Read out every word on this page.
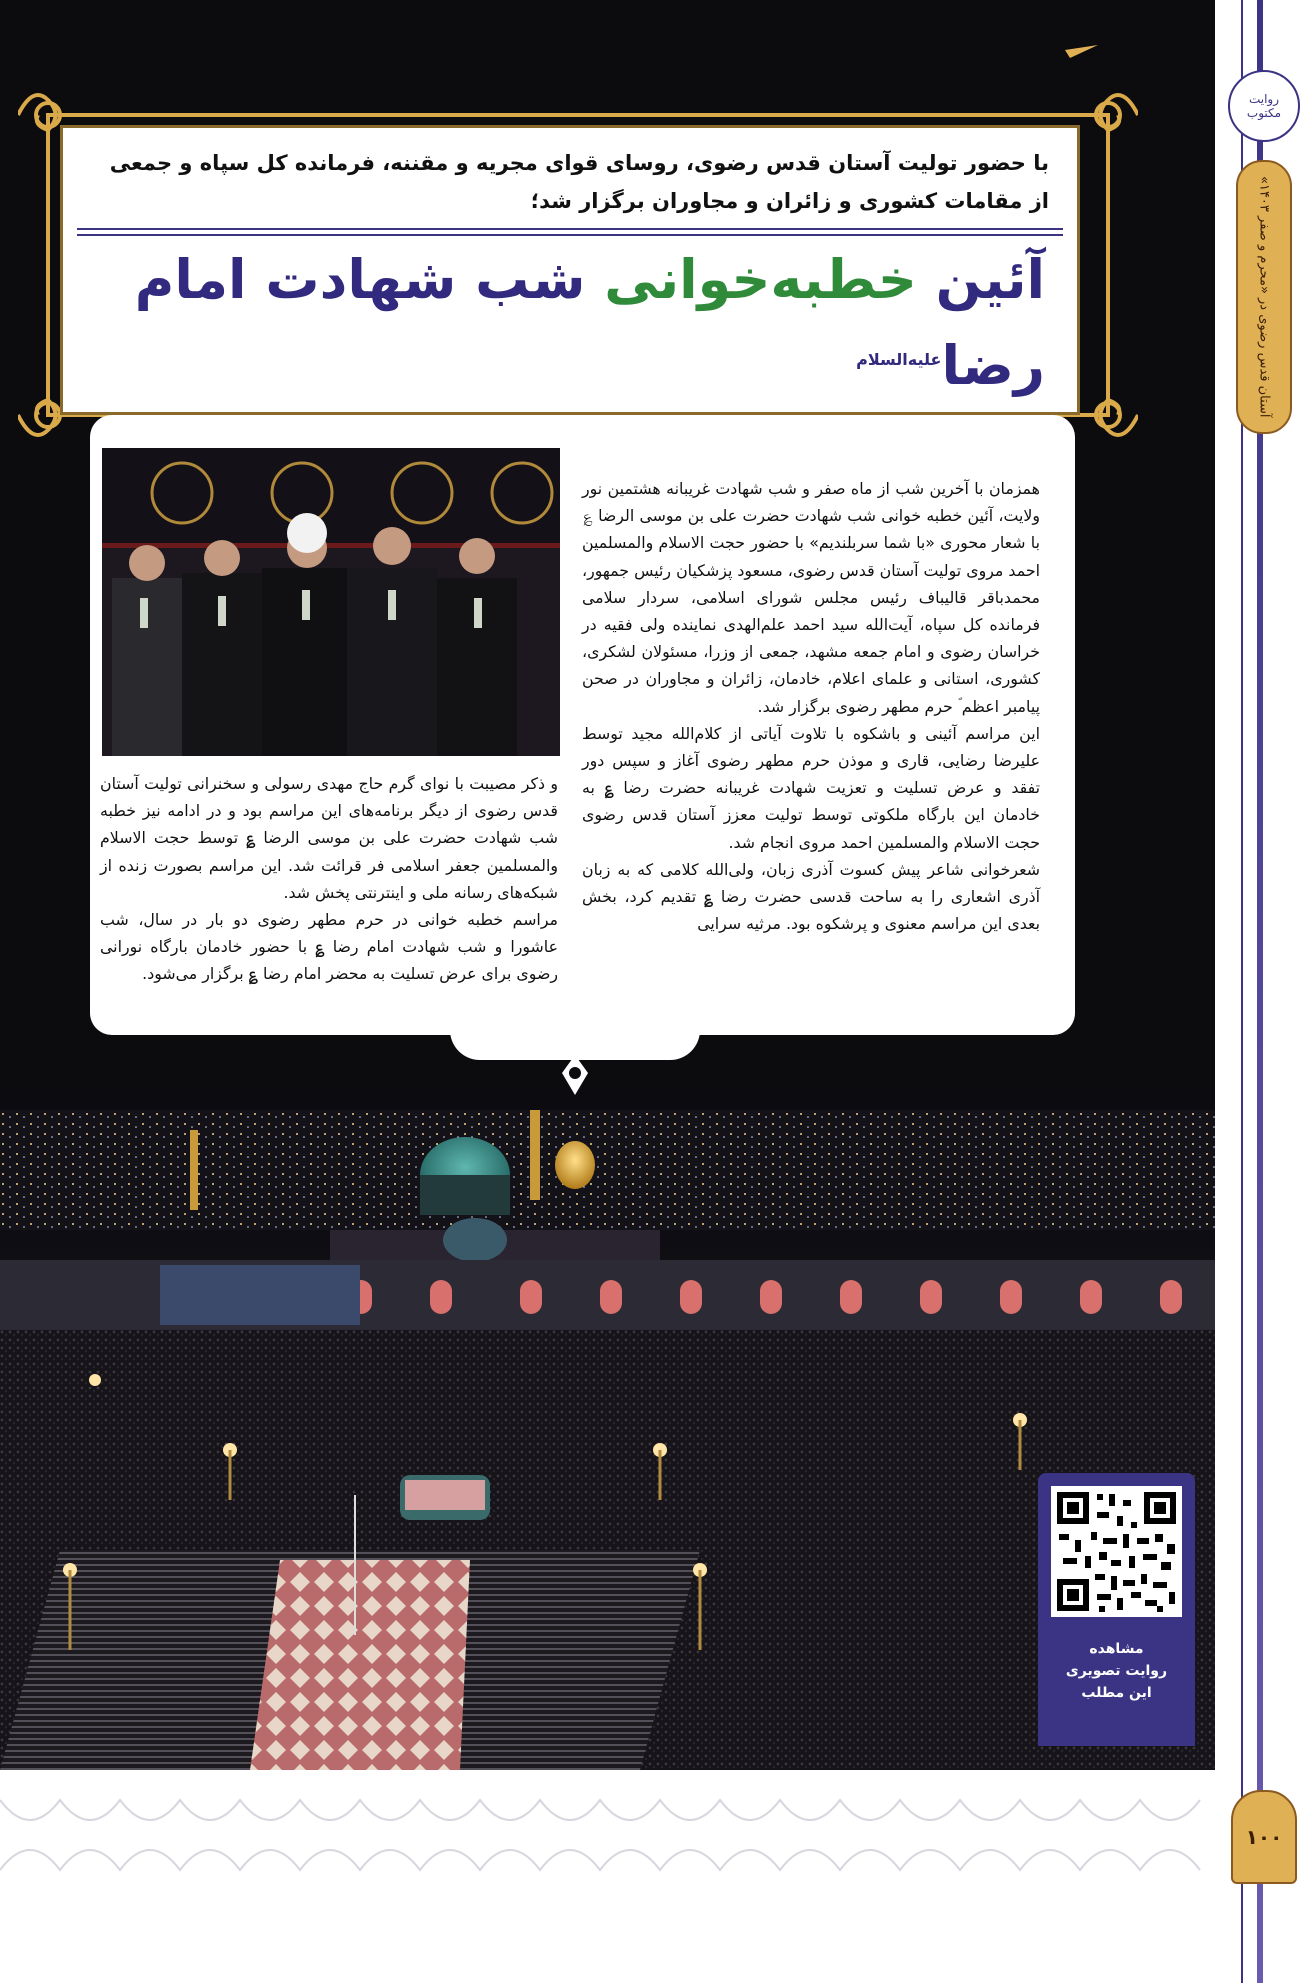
روایت مکتوب
آستان قدس رضوی در «محرم و صفر ۱۴۰۳»
۱۰۰

با حضور تولیت آستان قدس رضوی، روسای قوای مجریه و مقننه، فرمانده کل سپاه و جمعی از مقامات کشوری و زائران و مجاوران برگزار شد؛

آئین خطبه‌خوانی شب شهادت امام رضا$^{علیه‌السلام}$

همزمان با آخرین شب از ماه صفر و شب شهادت غریبانه هشتمین نور ولایت، آئین خطبه خوانی شب شهادت حضرت علی بن موسی الرضا ؏ با شعار محوری «با شما سربلندیم» با حضور حجت الاسلام والمسلمین احمد مروی تولیت آستان قدس رضوی، مسعود پزشکیان رئیس جمهور، محمدباقر قالیباف رئیس مجلس شورای اسلامی، سردار سلامی فرمانده کل سپاه، آیت‌الله سید احمد علم‌الهدی نماینده ولی فقیه در خراسان رضوی و امام جمعه مشهد، جمعی از وزرا، مسئولان لشکری، کشوری، استانی و علمای اعلام، خادمان، زائران و مجاوران در صحن پیامبر اعظم ؐ حرم مطهر رضوی برگزار شد.

این مراسم آئینی و باشکوه با تلاوت آیاتی از کلام‌الله مجید توسط علیرضا رضایی، قاری و موذن حرم مطهر رضوی آغاز و سپس دور تفقد و عرض تسلیت و تعزیت شهادت غریبانه حضرت رضا ؏ به خادمان این بارگاه ملکوتی توسط تولیت معزز آستان قدس رضوی حجت الاسلام والمسلمین احمد مروی انجام شد.

شعرخوانی شاعر پیش کسوت آذری زبان، ولی‌الله کلامی که به زبان آذری اشعاری را به ساحت قدسی حضرت رضا ؏ تقدیم کرد، بخش بعدی این مراسم معنوی و پرشکوه بود. مرثیه سرایی

و ذکر مصیبت با نوای گرم حاج مهدی رسولی و سخنرانی تولیت آستان قدس رضوی از دیگر برنامه‌های این مراسم بود و در ادامه نیز خطبه شب شهادت حضرت علی بن موسی الرضا ؏ توسط حجت الاسلام والمسلمین جعفر اسلامی فر قرائت شد. این مراسم بصورت زنده از شبکه‌های رسانه ملی و اینترنتی پخش شد.

مراسم خطبه خوانی در حرم مطهر رضوی دو بار در سال، شب عاشورا و شب شهادت امام رضا ؏ با حضور خادمان بارگاه نورانی رضوی برای عرض تسلیت به محضر امام رضا ؏ برگزار می‌شود.

مشاهده
روایت تصویری
این مطلب
